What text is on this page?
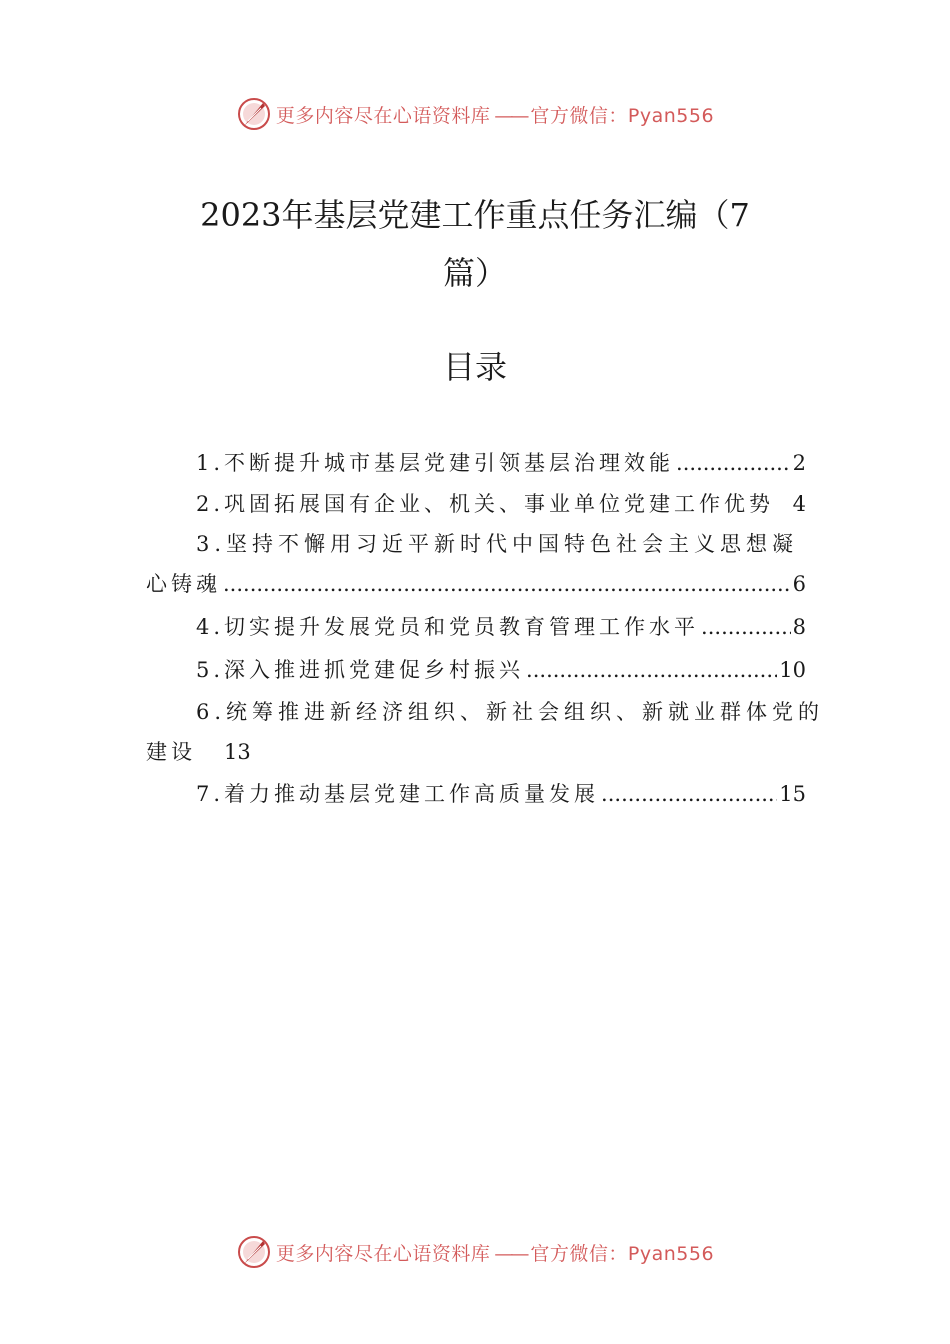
更多内容尽在心语资料库 —— 官方微信：Pyan556
2023年基层党建工作重点任务汇编（7
篇）
目录
1.不断提升城市基层党建引领基层治理效能 .....	2
2.巩固拓展国有企业、机关、事业单位党建工作优势 4
3.坚持不懈用习近平新时代中国特色社会主义思想凝
心铸魂 .....	6
4.切实提升发展党员和党员教育管理工作水平 .....	8
5.深入推进抓党建促乡村振兴 .....	10
6.统筹推进新经济组织、新社会组织、新就业群体党的
建设 13
7.着力推动基层党建工作高质量发展 .....	15
更多内容尽在心语资料库 —— 官方微信：Pyan556
